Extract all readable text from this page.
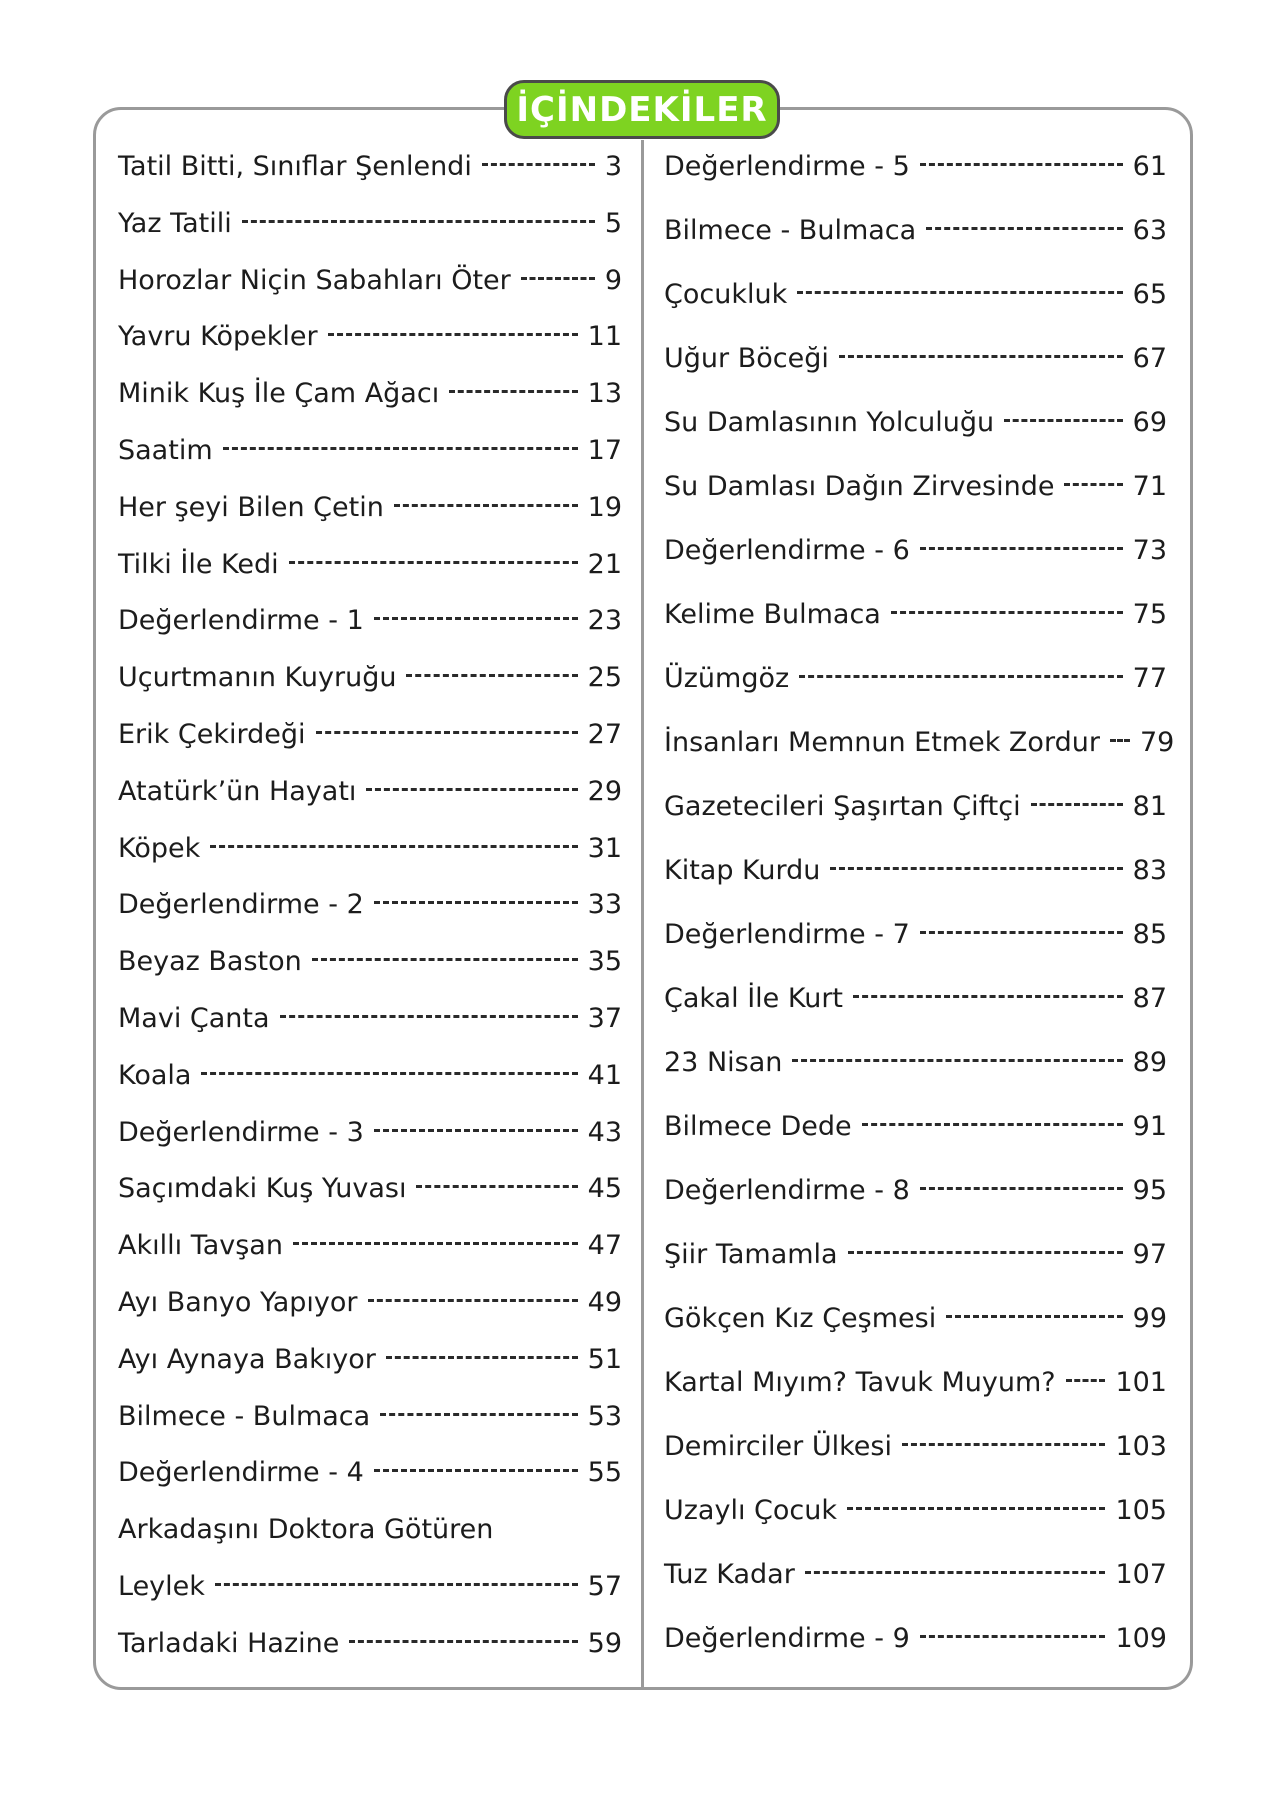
İÇİNDEKİLER
Tatil Bitti, Sınıflar Şenlendi	3
Yaz Tatili	5
Horozlar Niçin Sabahları Öter	9
Yavru Köpekler	11
Minik Kuş İle Çam Ağacı	13
Saatim	17
Her şeyi Bilen Çetin	19
Tilki İle Kedi	21
Değerlendirme - 1	23
Uçurtmanın Kuyruğu	25
Erik Çekirdeği	27
Atatürk’ün Hayatı	29
Köpek	31
Değerlendirme - 2	33
Beyaz Baston	35
Mavi Çanta	37
Koala	41
Değerlendirme - 3	43
Saçımdaki Kuş Yuvası	45
Akıllı Tavşan	47
Ayı Banyo Yapıyor	49
Ayı Aynaya Bakıyor	51
Bilmece - Bulmaca	53
Değerlendirme - 4	55
Arkadaşını Doktora Götüren
Leylek	57
Tarladaki Hazine	59
Değerlendirme - 5	61
Bilmece - Bulmaca	63
Çocukluk	65
Uğur Böceği	67
Su Damlasının Yolculuğu	69
Su Damlası Dağın Zirvesinde	71
Değerlendirme - 6	73
Kelime Bulmaca	75
Üzümgöz	77
İnsanları Memnun Etmek Zordur 79
Gazetecileri Şaşırtan Çiftçi	81
Kitap Kurdu	83
Değerlendirme - 7	85
Çakal İle Kurt	87
23 Nisan	89
Bilmece Dede	91
Değerlendirme - 8	95
Şiir Tamamla	97
Gökçen Kız Çeşmesi	99
Kartal Mıyım? Tavuk Muyum? 101
Demirciler Ülkesi	103
Uzaylı Çocuk	105
Tuz Kadar	107
Değerlendirme - 9	109
